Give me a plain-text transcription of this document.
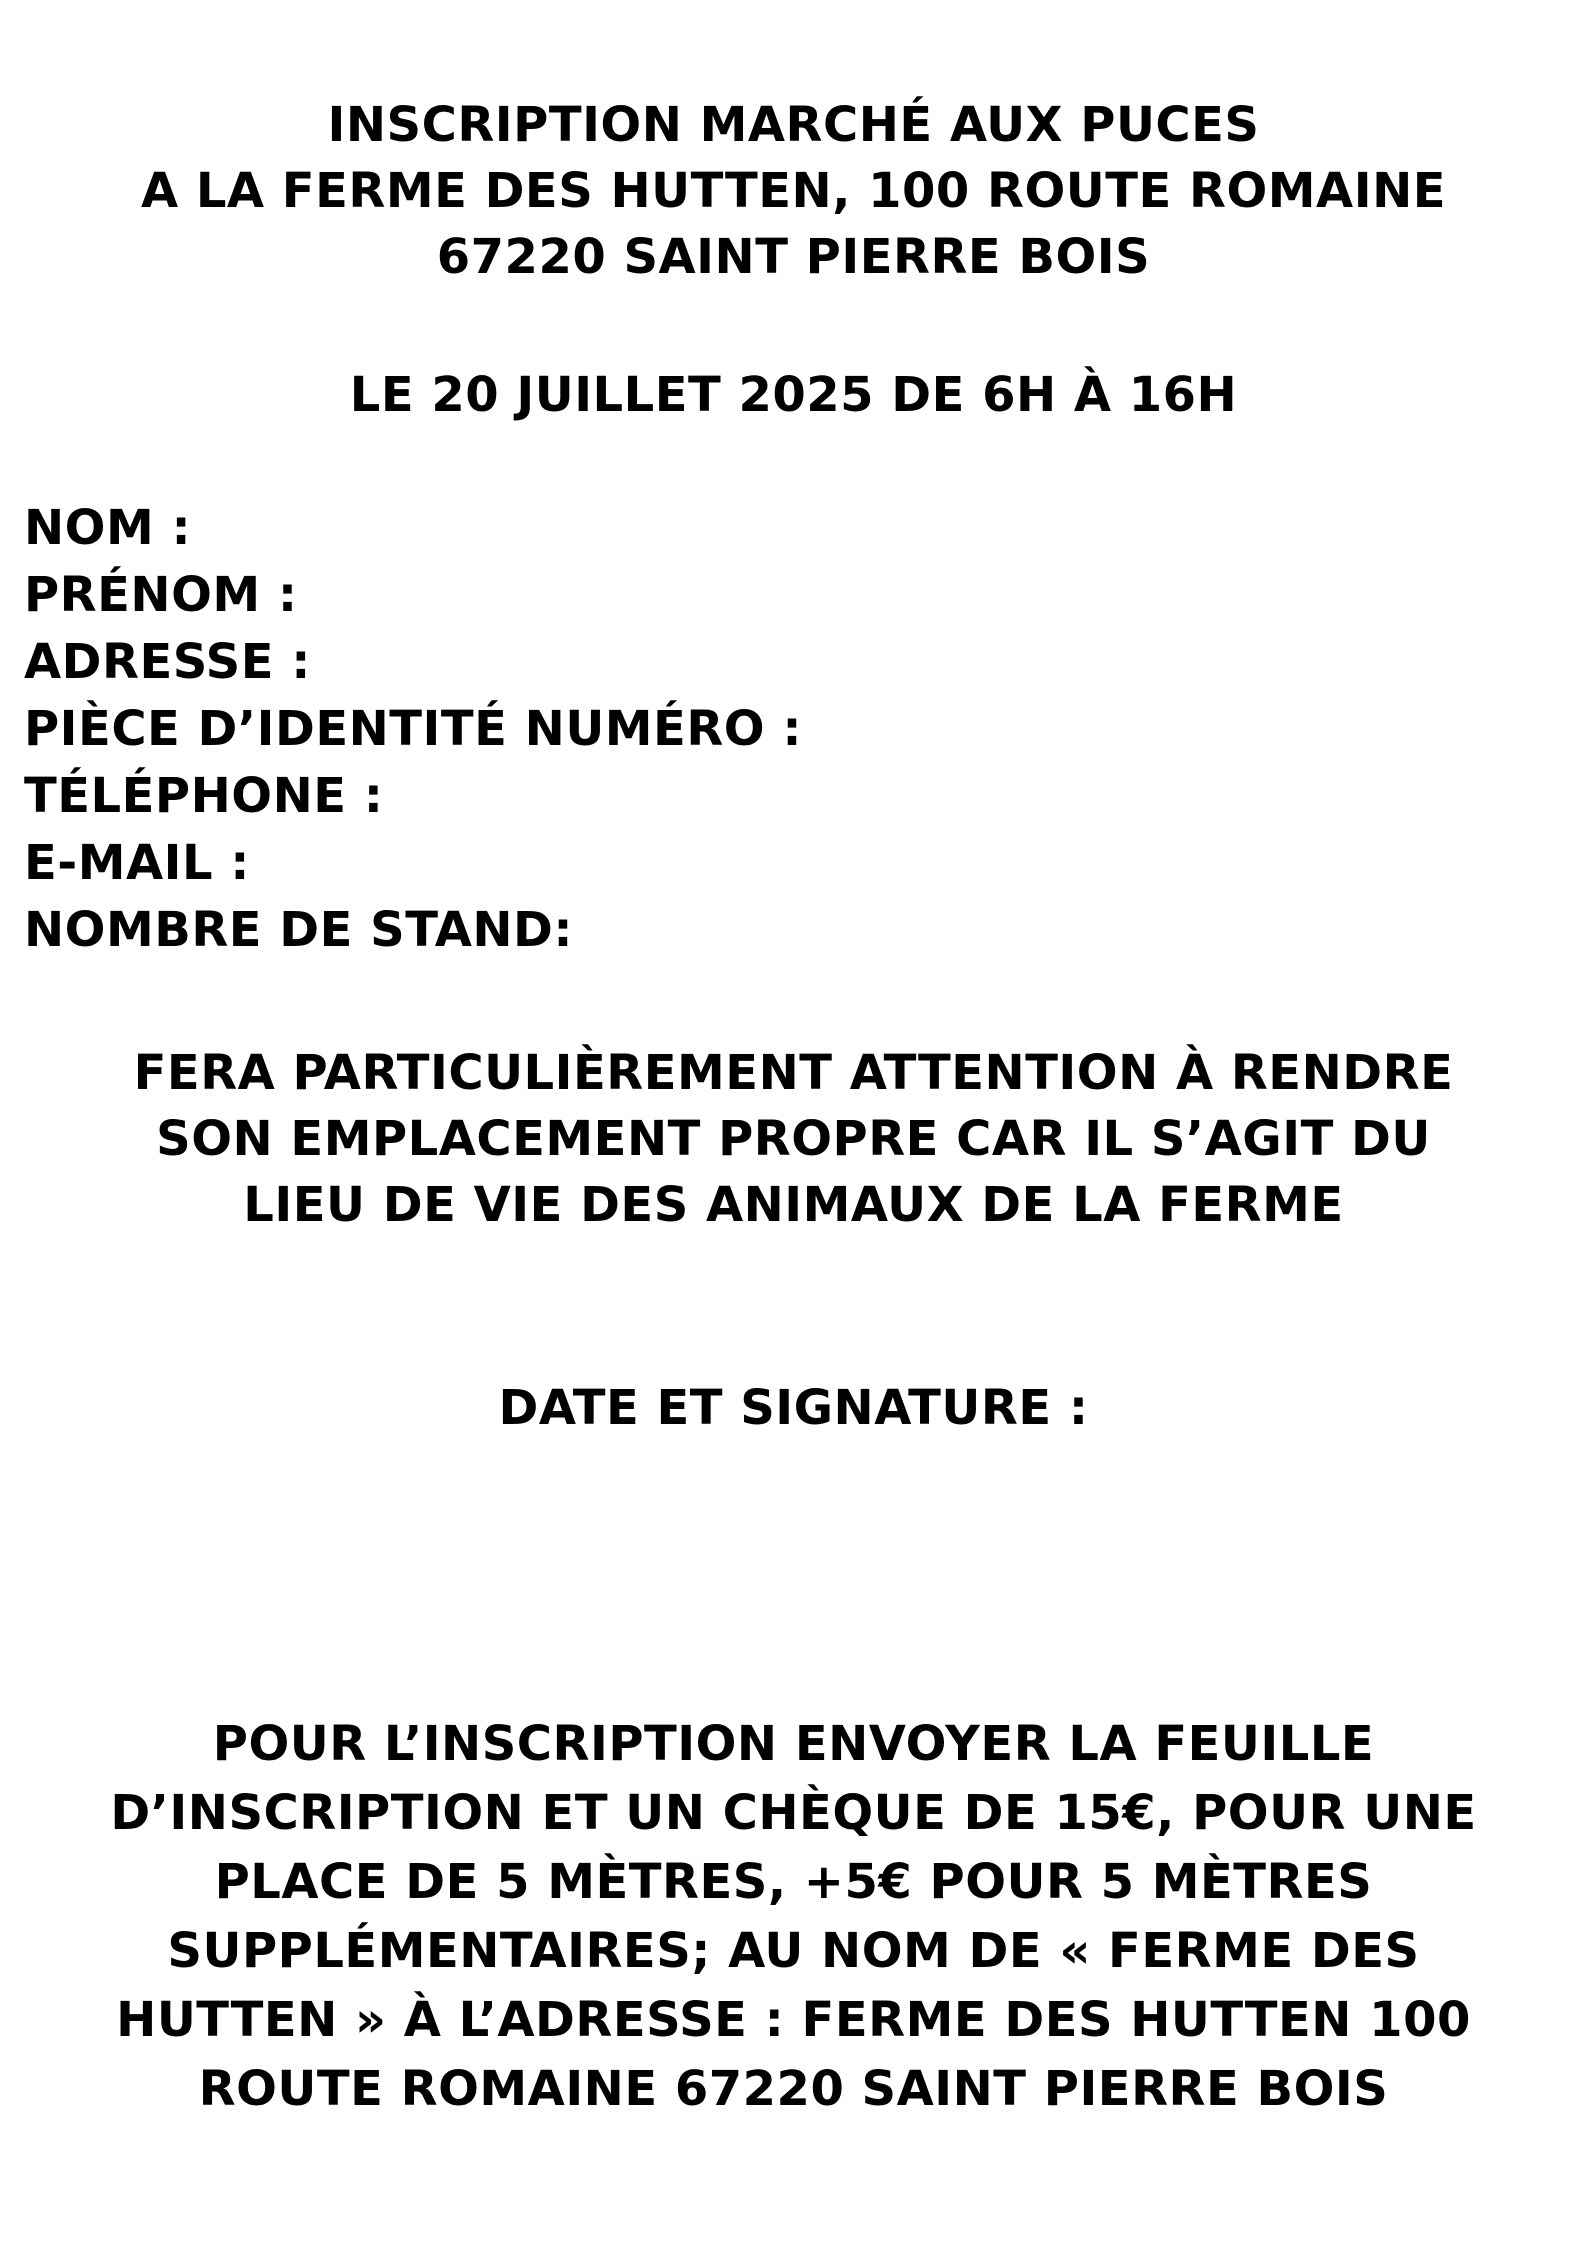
INSCRIPTION MARCHÉ AUX PUCES
A LA FERME DES HUTTEN, 100 ROUTE ROMAINE
67220 SAINT PIERRE BOIS
LE 20 JUILLET 2025 DE 6H À 16H
NOM :
PRÉNOM :
ADRESSE :
PIÈCE D’IDENTITÉ NUMÉRO :
TÉLÉPHONE :
E-MAIL :
NOMBRE DE STAND:
FERA PARTICULIÈREMENT ATTENTION À RENDRE
SON EMPLACEMENT PROPRE CAR IL S’AGIT DU
LIEU DE VIE DES ANIMAUX DE LA FERME
DATE ET SIGNATURE :
POUR L’INSCRIPTION ENVOYER LA FEUILLE
D’INSCRIPTION ET UN CHÈQUE DE 15€, POUR UNE
PLACE DE 5 MÈTRES, +5€ POUR 5 MÈTRES
SUPPLÉMENTAIRES; AU NOM DE « FERME DES
HUTTEN » À L’ADRESSE : FERME DES HUTTEN 100
ROUTE ROMAINE 67220 SAINT PIERRE BOIS
